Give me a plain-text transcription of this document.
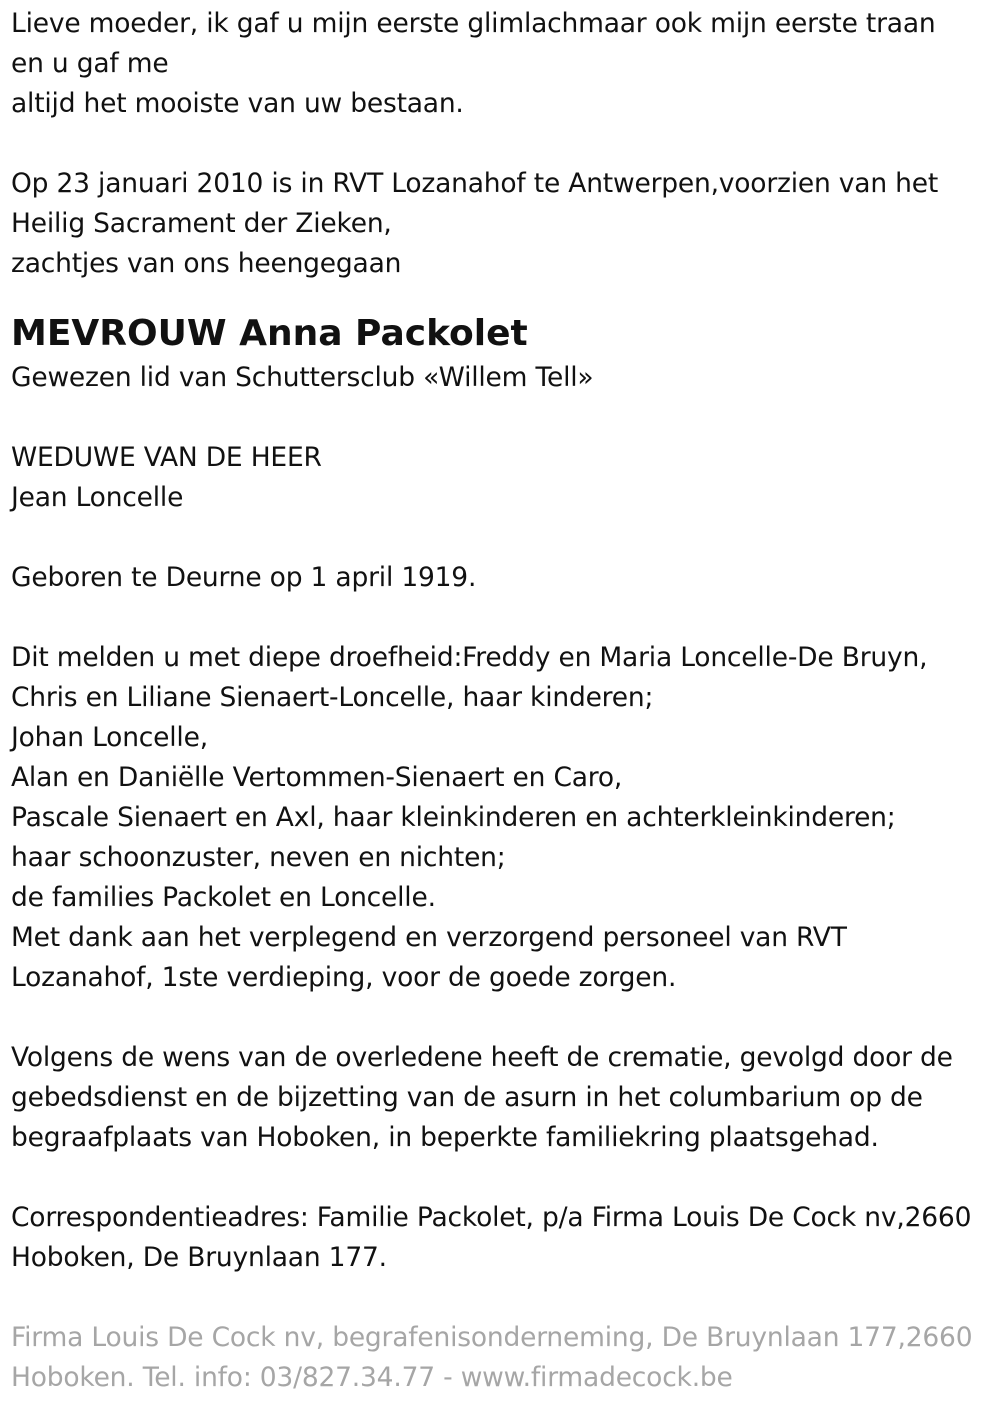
Lieve moeder, ik gaf u mijn eerste glimlachmaar ook mijn eerste traan
en u gaf me
altijd het mooiste van uw bestaan.
Op 23 januari 2010 is in RVT Lozanahof te Antwerpen,voorzien van het
Heilig Sacrament der Zieken,
zachtjes van ons heengegaan
MEVROUW Anna Packolet
Gewezen lid van Schuttersclub «Willem Tell»
WEDUWE VAN DE HEER
Jean Loncelle
Geboren te Deurne op 1 april 1919.
Dit melden u met diepe droefheid:Freddy en Maria Loncelle-De Bruyn,
Chris en Liliane Sienaert-Loncelle, haar kinderen;
Johan Loncelle,
Alan en Daniëlle Vertommen-Sienaert en Caro,
Pascale Sienaert en Axl, haar kleinkinderen en achterkleinkinderen;
haar schoonzuster, neven en nichten;
de families Packolet en Loncelle.
Met dank aan het verplegend en verzorgend personeel van RVT
Lozanahof, 1ste verdieping, voor de goede zorgen.
Volgens de wens van de overledene heeft de crematie, gevolgd door de
gebedsdienst en de bijzetting van de asurn in het columbarium op de
begraafplaats van Hoboken, in beperkte familiekring plaatsgehad.
Correspondentieadres: Familie Packolet, p/a Firma Louis De Cock nv,2660
Hoboken, De Bruynlaan 177.
Firma Louis De Cock nv, begrafenisonderneming, De Bruynlaan 177,2660
Hoboken. Tel. info: 03/827.34.77 - www.firmadecock.be
